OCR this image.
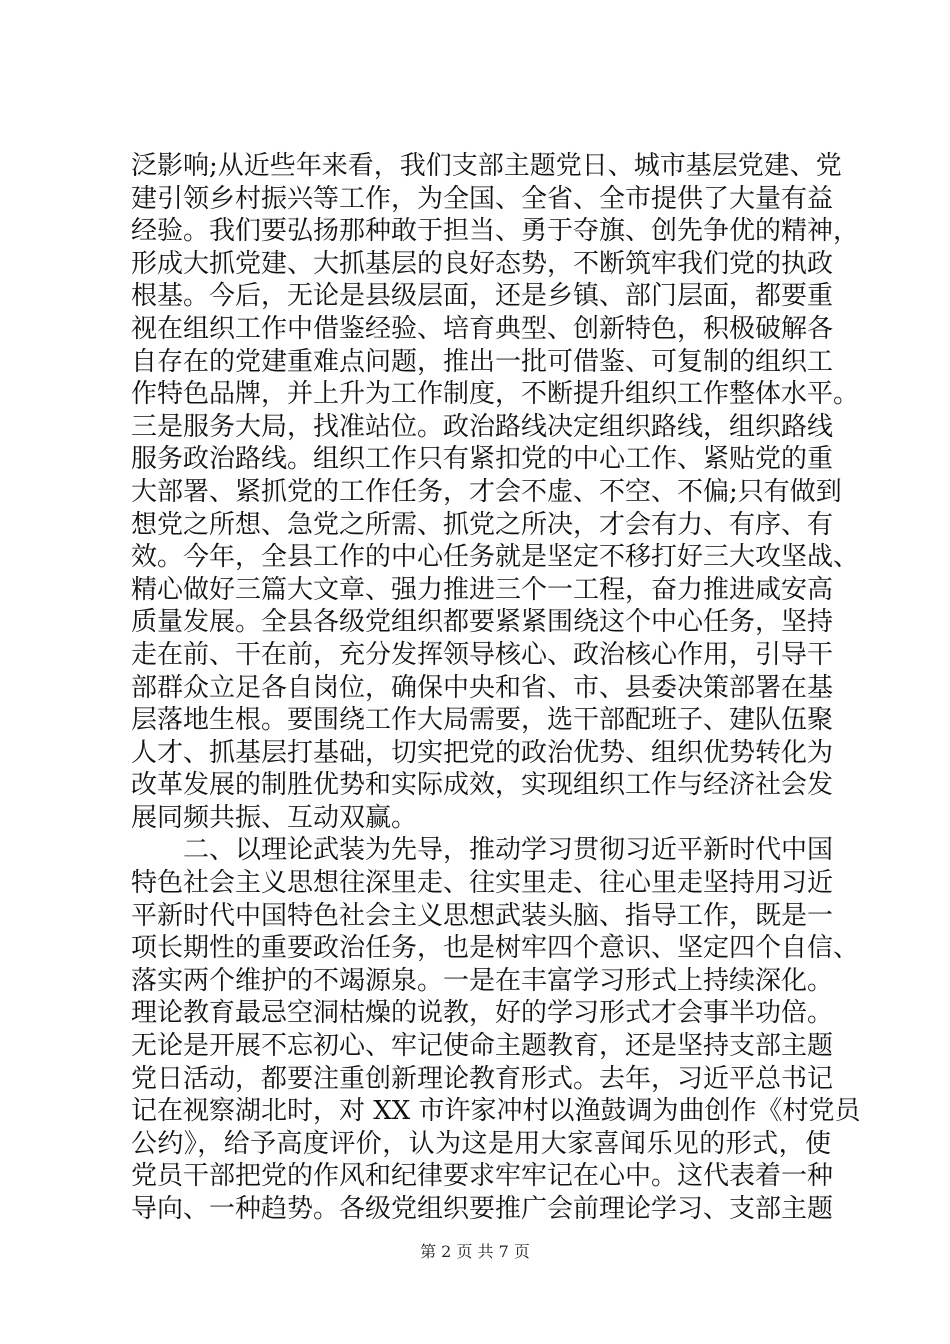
泛影响;从近些年来看，我们支部主题党日、城市基层党建、党
建引领乡村振兴等工作，为全国、全省、全市提供了大量有益
经验。我们要弘扬那种敢于担当、勇于夺旗、创先争优的精神，
形成大抓党建、大抓基层的良好态势，不断筑牢我们党的执政
根基。今后，无论是县级层面，还是乡镇、部门层面，都要重
视在组织工作中借鉴经验、培育典型、创新特色，积极破解各
自存在的党建重难点问题，推出一批可借鉴、可复制的组织工
作特色品牌，并上升为工作制度，不断提升组织工作整体水平。
三是服务大局，找准站位。政治路线决定组织路线，组织路线
服务政治路线。组织工作只有紧扣党的中心工作、紧贴党的重
大部署、紧抓党的工作任务，才会不虚、不空、不偏;只有做到
想党之所想、急党之所需、抓党之所决，才会有力、有序、有
效。今年，全县工作的中心任务就是坚定不移打好三大攻坚战、
精心做好三篇大文章、强力推进三个一工程，奋力推进咸安高
质量发展。全县各级党组织都要紧紧围绕这个中心任务，坚持
走在前、干在前，充分发挥领导核心、政治核心作用，引导干
部群众立足各自岗位，确保中央和省、市、县委决策部署在基
层落地生根。要围绕工作大局需要，选干部配班子、建队伍聚
人才、抓基层打基础，切实把党的政治优势、组织优势转化为
改革发展的制胜优势和实际成效，实现组织工作与经济社会发
展同频共振、互动双赢。
　　二、以理论武装为先导，推动学习贯彻习近平新时代中国
特色社会主义思想往深里走、往实里走、往心里走坚持用习近
平新时代中国特色社会主义思想武装头脑、指导工作，既是一
项长期性的重要政治任务，也是树牢四个意识、坚定四个自信、
落实两个维护的不竭源泉。一是在丰富学习形式上持续深化。
理论教育最忌空洞枯燥的说教，好的学习形式才会事半功倍。
无论是开展不忘初心、牢记使命主题教育，还是坚持支部主题
党日活动，都要注重创新理论教育形式。去年，习近平总书记
记在视察湖北时，对 XX 市许家冲村以渔鼓调为曲创作《村党员
公约》，给予高度评价，认为这是用大家喜闻乐见的形式，使
党员干部把党的作风和纪律要求牢牢记在心中。这代表着一种
导向、一种趋势。各级党组织要推广会前理论学习、支部主题
第 2 页 共 7 页
